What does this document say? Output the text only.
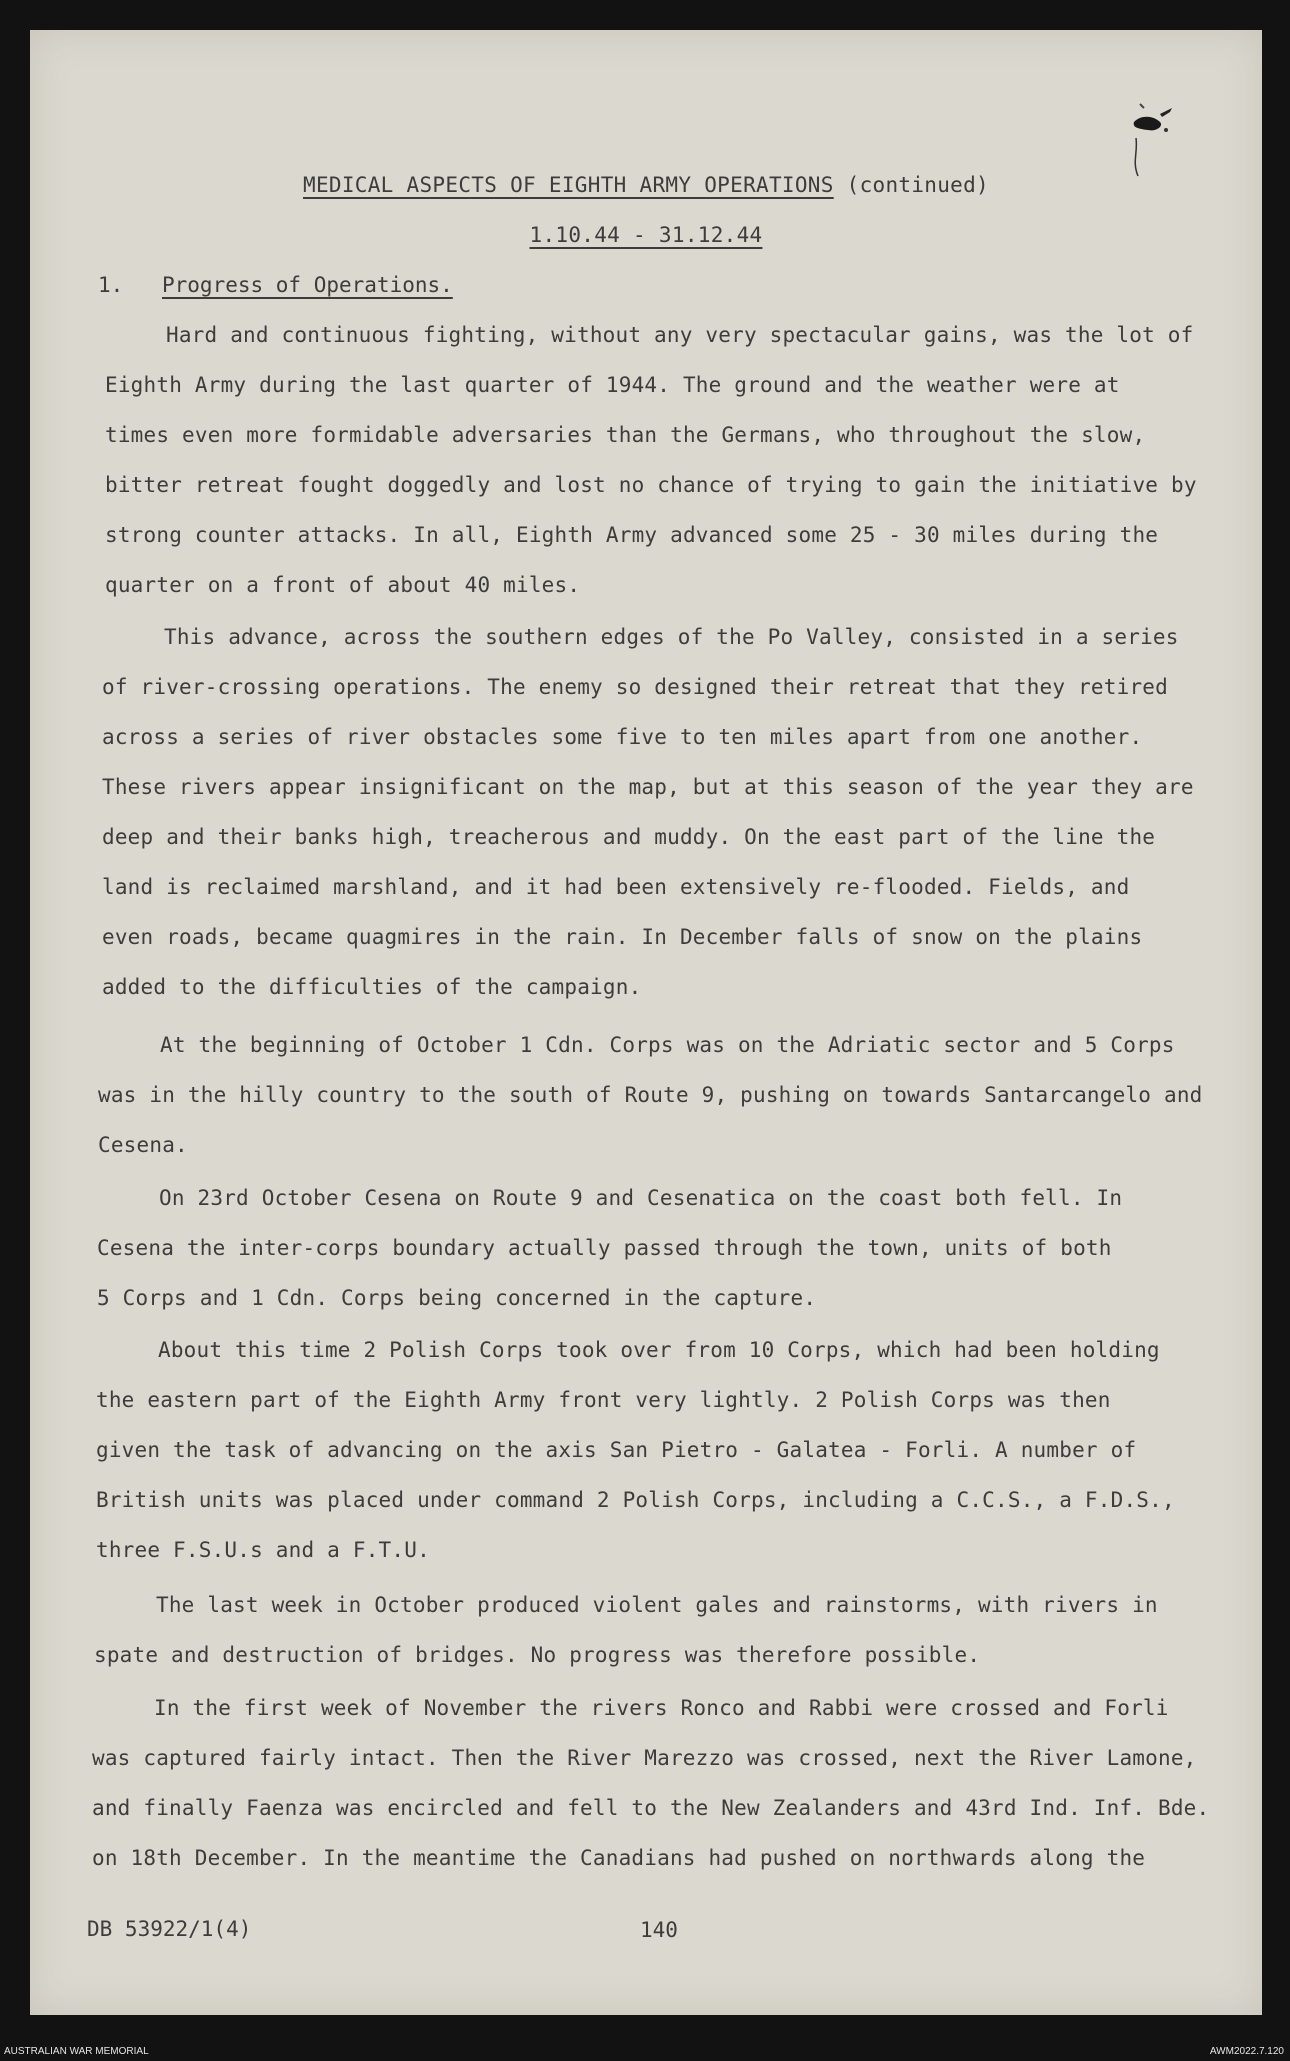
MEDICAL ASPECTS OF EIGHTH ARMY OPERATIONS (continued)
1.10.44 - 31.12.44
1. Progress of Operations.
Hard and continuous fighting, without any very spectacular gains, was the lot of
Eighth Army during the last quarter of 1944. The ground and the weather were at
times even more formidable adversaries than the Germans, who throughout the slow,
bitter retreat fought doggedly and lost no chance of trying to gain the initiative by
strong counter attacks. In all, Eighth Army advanced some 25 - 30 miles during the
quarter on a front of about 40 miles.
This advance, across the southern edges of the Po Valley, consisted in a series
of river-crossing operations. The enemy so designed their retreat that they retired
across a series of river obstacles some five to ten miles apart from one another.
These rivers appear insignificant on the map, but at this season of the year they are
deep and their banks high, treacherous and muddy. On the east part of the line the
land is reclaimed marshland, and it had been extensively re-flooded. Fields, and
even roads, became quagmires in the rain. In December falls of snow on the plains
added to the difficulties of the campaign.
At the beginning of October 1 Cdn. Corps was on the Adriatic sector and 5 Corps
was in the hilly country to the south of Route 9, pushing on towards Santarcangelo and
Cesena.
On 23rd October Cesena on Route 9 and Cesenatica on the coast both fell. In
Cesena the inter-corps boundary actually passed through the town, units of both
5 Corps and 1 Cdn. Corps being concerned in the capture.
About this time 2 Polish Corps took over from 10 Corps, which had been holding
the eastern part of the Eighth Army front very lightly. 2 Polish Corps was then
given the task of advancing on the axis San Pietro - Galatea - Forli. A number of
British units was placed under command 2 Polish Corps, including a C.C.S., a F.D.S.,
three F.S.U.s and a F.T.U.
The last week in October produced violent gales and rainstorms, with rivers in
spate and destruction of bridges. No progress was therefore possible.
In the first week of November the rivers Ronco and Rabbi were crossed and Forli
was captured fairly intact. Then the River Marezzo was crossed, next the River Lamone,
and finally Faenza was encircled and fell to the New Zealanders and 43rd Ind. Inf. Bde.
on 18th December. In the meantime the Canadians had pushed on northwards along the
DB 53922/1(4)	140
AUSTRALIAN WAR MEMORIAL	AWM2022.7.120
